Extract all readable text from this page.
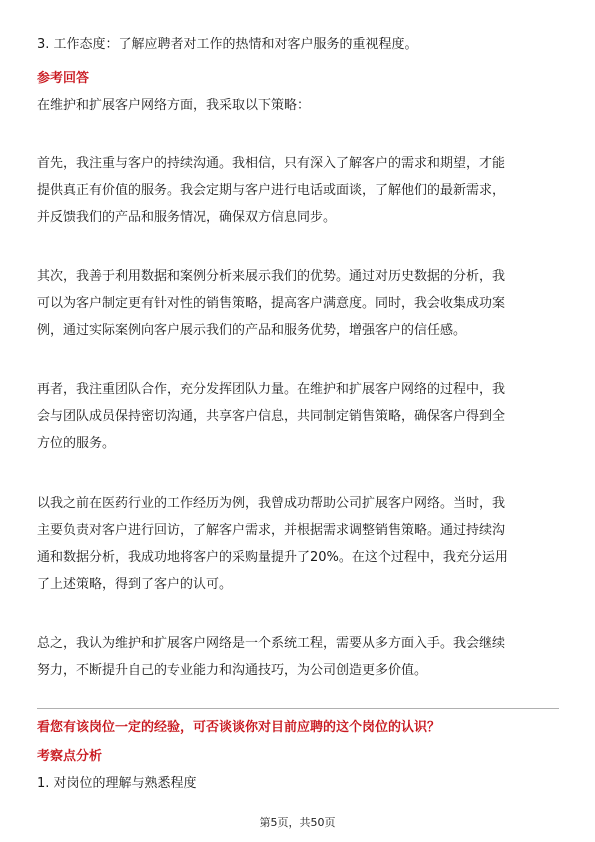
3. 工作态度：了解应聘者对工作的热情和对客户服务的重视程度。
参考回答
在维护和扩展客户网络方面，我采取以下策略：
首先，我注重与客户的持续沟通。我相信，只有深入了解客户的需求和期望，才能
提供真正有价值的服务。我会定期与客户进行电话或面谈，了解他们的最新需求，
并反馈我们的产品和服务情况，确保双方信息同步。
其次，我善于利用数据和案例分析来展示我们的优势。通过对历史数据的分析，我
可以为客户制定更有针对性的销售策略，提高客户满意度。同时，我会收集成功案
例，通过实际案例向客户展示我们的产品和服务优势，增强客户的信任感。
再者，我注重团队合作，充分发挥团队力量。在维护和扩展客户网络的过程中，我
会与团队成员保持密切沟通，共享客户信息，共同制定销售策略，确保客户得到全
方位的服务。
以我之前在医药行业的工作经历为例，我曾成功帮助公司扩展客户网络。当时，我
主要负责对客户进行回访，了解客户需求，并根据需求调整销售策略。通过持续沟
通和数据分析，我成功地将客户的采购量提升了20%。在这个过程中，我充分运用
了上述策略，得到了客户的认可。
总之，我认为维护和扩展客户网络是一个系统工程，需要从多方面入手。我会继续
努力，不断提升自己的专业能力和沟通技巧，为公司创造更多价值。
看您有该岗位一定的经验，可否谈谈你对目前应聘的这个岗位的认识？
考察点分析
1. 对岗位的理解与熟悉程度
第5页，共50页
